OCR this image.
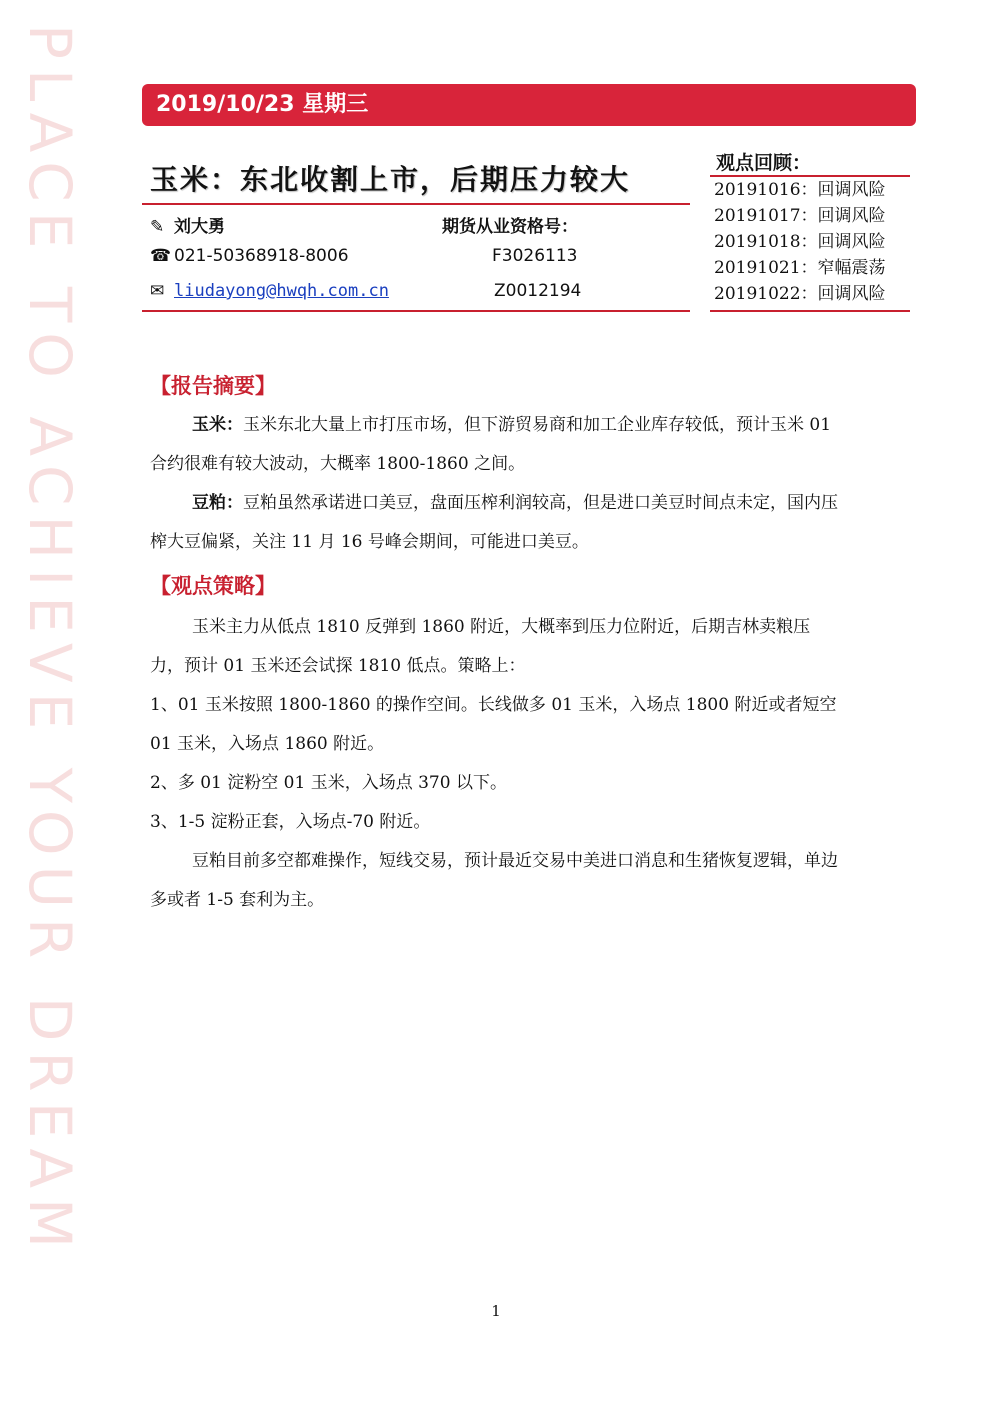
PLACE TO ACHIEVE YOUR DREAM	2019/10/23 星期三
玉米：东北收割上市，后期压力较大
✎ 刘大勇	期货从业资格号：
☎ 021-50368918-8006	F3026113
✉ liudayong@hwqh.com.cn	Z0012194
观点回顾：
20191016：回调风险
20191017：回调风险
20191018：回调风险
20191021：窄幅震荡
20191022：回调风险
【报告摘要】

玉米：玉米东北大量上市打压市场，但下游贸易商和加工企业库存较低，预计玉米 01 合约很难有较大波动，大概率 1800-1860 之间。

豆粕：豆粕虽然承诺进口美豆，盘面压榨利润较高，但是进口美豆时间点未定，国内压榨大豆偏紧，关注 11 月 16 号峰会期间，可能进口美豆。

【观点策略】

玉米主力从低点 1810 反弹到 1860 附近，大概率到压力位附近，后期吉林卖粮压力，预计 01 玉米还会试探 1810 低点。策略上：

1、01 玉米按照 1800-1860 的操作空间。长线做多 01 玉米，入场点 1800 附近或者短空 01 玉米，入场点 1860 附近。

2、多 01 淀粉空 01 玉米，入场点 370 以下。

3、1-5 淀粉正套，入场点-70 附近。

豆粕目前多空都难操作，短线交易，预计最近交易中美进口消息和生猪恢复逻辑，单边多或者 1-5 套利为主。

1
